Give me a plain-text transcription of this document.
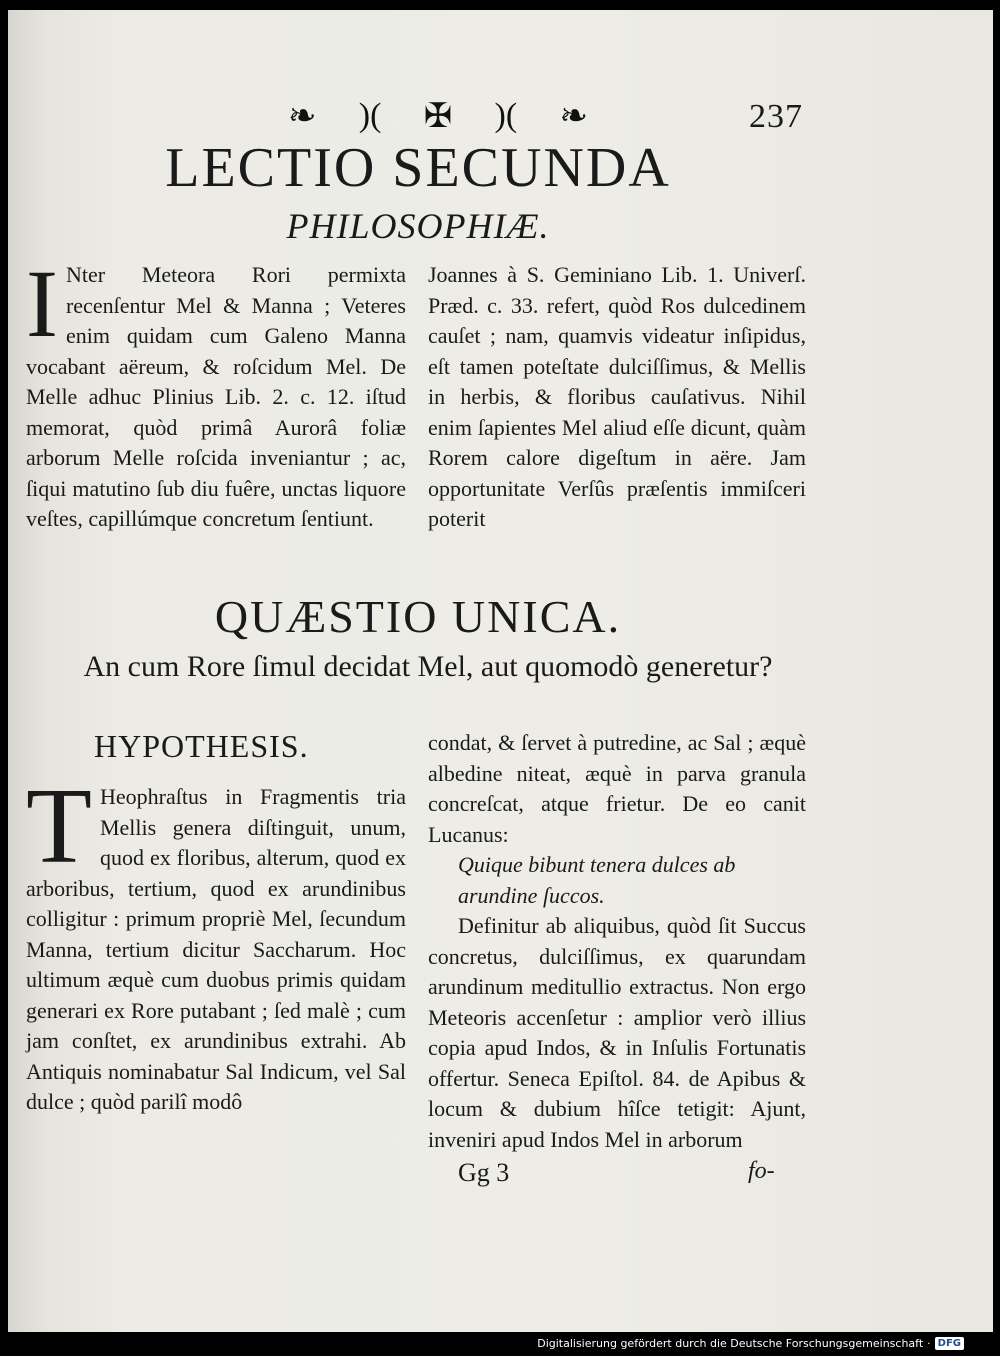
❧ )( ✠ )( ❧	237
LECTIO SECUNDA
PHILOSOPHIÆ.
I Nter Meteora Rori permixta recenſentur Mel & Manna ; Veteres enim quidam cum Galeno Manna vocabant aëreum, & roſcidum Mel. De Melle adhuc Plinius Lib. 2. c. 12. iſtud memorat, quòd primâ Aurorâ foliæ arborum Melle roſcida inveniantur ; ac, ſiqui matutino ſub diu fuêre, unctas liquore veſtes, capillúmque concretum ſentiunt.

Joannes à S. Geminiano Lib. 1. Univerſ. Præd. c. 33. refert, quòd Ros dulcedinem cauſet ; nam, quamvis videatur inſipidus, eſt tamen poteſtate dulciſſimus, & Mellis in herbis, & floribus cauſativus. Nihil enim ſapientes Mel aliud eſſe dicunt, quàm Rorem calore digeſtum in aëre. Jam opportunitate Verſûs præſentis immiſceri poterit

QUÆSTIO UNICA.
An cum Rore ſimul decidat Mel, aut quomodò generetur?
HYPOTHESIS.
T Heophraſtus in Fragmentis tria Mellis genera diſtinguit, unum, quod ex floribus, alterum, quod ex arboribus, tertium, quod ex arundinibus colligitur : primum propriè Mel, ſecundum Manna, tertium dicitur Saccharum. Hoc ultimum æquè cum duobus primis quidam generari ex Rore putabant ; ſed malè ; cum jam conſtet, ex arundinibus extrahi. Ab Antiquis nominabatur Sal Indicum, vel Sal dulce ; quòd parilî modô

condat, & ſervet à putredine, ac Sal ; æquè albedine niteat, æquè in parva granula concreſcat, atque frietur. De eo canit Lucanus:

Quique bibunt tenera dulces ab arundine ſuccos.

Definitur ab aliquibus, quòd ſit Succus concretus, dulciſſimus, ex quarundam arundinum meditullio extractus. Non ergo Meteoris accenſetur : amplior verò illius copia apud Indos, & in Inſulis Fortunatis offertur. Seneca Epiſtol. 84. de Apibus & locum & dubium hîſce tetigit: Ajunt, inveniri apud Indos Mel in arborum

Gg 3	fo-
Digitalisierung gefördert durch die Deutsche Forschungsgemeinschaft · DFG
